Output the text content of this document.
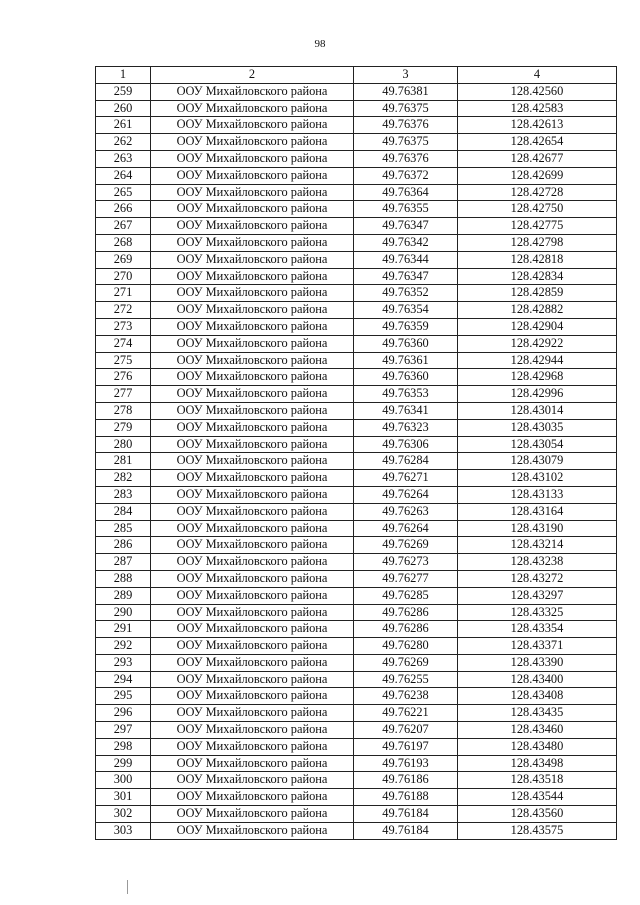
98
1	2	3	4
259	ООУ Михайловского района	49.76381	128.42560
260	ООУ Михайловского района	49.76375	128.42583
261	ООУ Михайловского района	49.76376	128.42613
262	ООУ Михайловского района	49.76375	128.42654
263	ООУ Михайловского района	49.76376	128.42677
264	ООУ Михайловского района	49.76372	128.42699
265	ООУ Михайловского района	49.76364	128.42728
266	ООУ Михайловского района	49.76355	128.42750
267	ООУ Михайловского района	49.76347	128.42775
268	ООУ Михайловского района	49.76342	128.42798
269	ООУ Михайловского района	49.76344	128.42818
270	ООУ Михайловского района	49.76347	128.42834
271	ООУ Михайловского района	49.76352	128.42859
272	ООУ Михайловского района	49.76354	128.42882
273	ООУ Михайловского района	49.76359	128.42904
274	ООУ Михайловского района	49.76360	128.42922
275	ООУ Михайловского района	49.76361	128.42944
276	ООУ Михайловского района	49.76360	128.42968
277	ООУ Михайловского района	49.76353	128.42996
278	ООУ Михайловского района	49.76341	128.43014
279	ООУ Михайловского района	49.76323	128.43035
280	ООУ Михайловского района	49.76306	128.43054
281	ООУ Михайловского района	49.76284	128.43079
282	ООУ Михайловского района	49.76271	128.43102
283	ООУ Михайловского района	49.76264	128.43133
284	ООУ Михайловского района	49.76263	128.43164
285	ООУ Михайловского района	49.76264	128.43190
286	ООУ Михайловского района	49.76269	128.43214
287	ООУ Михайловского района	49.76273	128.43238
288	ООУ Михайловского района	49.76277	128.43272
289	ООУ Михайловского района	49.76285	128.43297
290	ООУ Михайловского района	49.76286	128.43325
291	ООУ Михайловского района	49.76286	128.43354
292	ООУ Михайловского района	49.76280	128.43371
293	ООУ Михайловского района	49.76269	128.43390
294	ООУ Михайловского района	49.76255	128.43400
295	ООУ Михайловского района	49.76238	128.43408
296	ООУ Михайловского района	49.76221	128.43435
297	ООУ Михайловского района	49.76207	128.43460
298	ООУ Михайловского района	49.76197	128.43480
299	ООУ Михайловского района	49.76193	128.43498
300	ООУ Михайловского района	49.76186	128.43518
301	ООУ Михайловского района	49.76188	128.43544
302	ООУ Михайловского района	49.76184	128.43560
303	ООУ Михайловского района	49.76184	128.43575
